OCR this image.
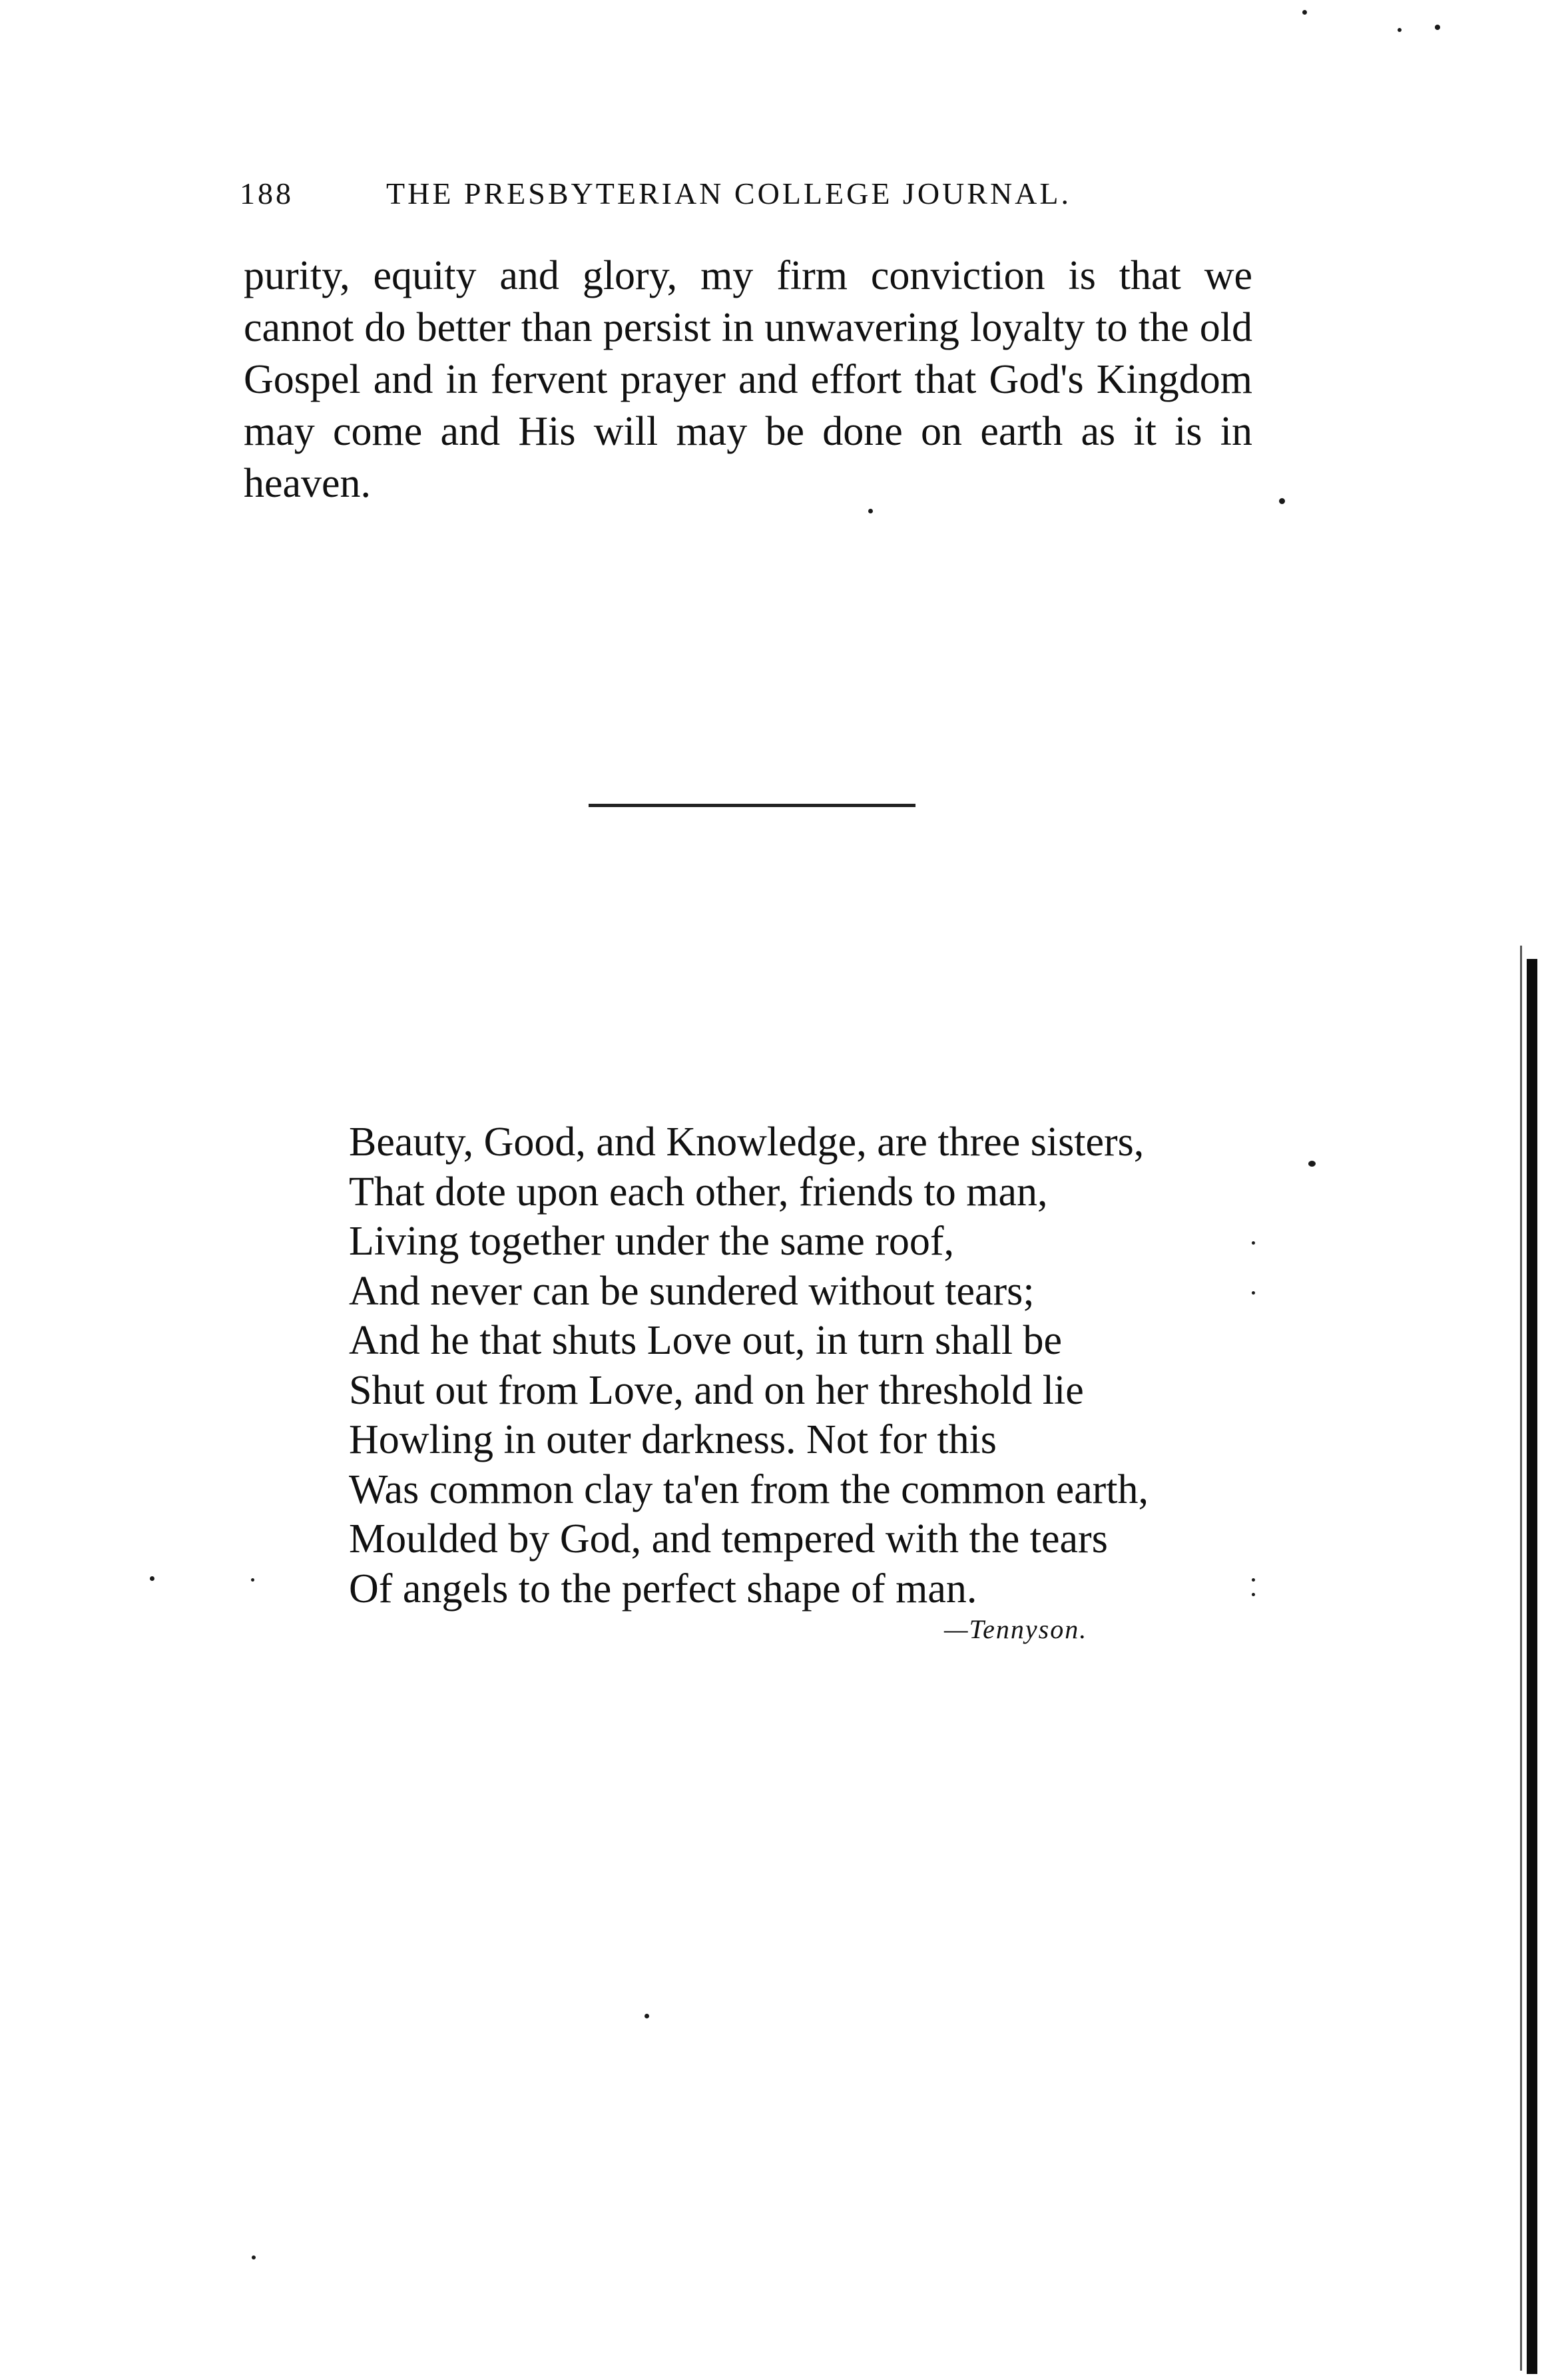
188	THE PRESBYTERIAN COLLEGE JOURNAL.

purity, equity and glory, my firm conviction is that we cannot do better than persist in unwavering loyalty to the old Gospel and in fervent prayer and effort that God's Kingdom may come and His will may be done on earth as it is in heaven.

Beauty, Good, and Knowledge, are three sisters,
That dote upon each other, friends to man,
Living together under the same roof,
And never can be sundered without tears;
And he that shuts Love out, in turn shall be
Shut out from Love, and on her threshold lie
Howling in outer darkness. Not for this
Was common clay ta'en from the common earth,
Moulded by God, and tempered with the tears
Of angels to the perfect shape of man.
—Tennyson.
